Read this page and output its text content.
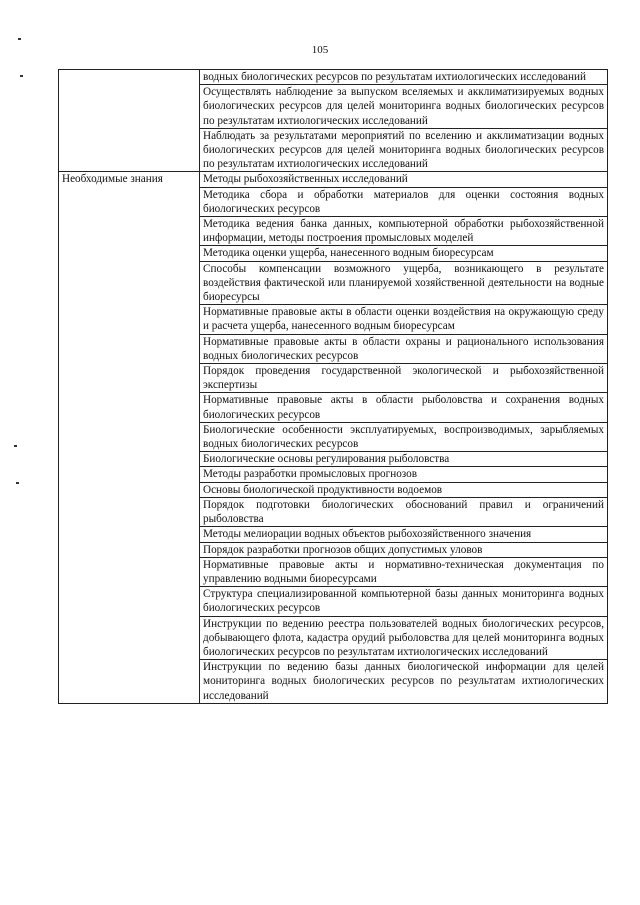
105
	водных биологических ресурсов по результатам ихтиологических исследований
	Осуществлять наблюдение за выпуском вселяемых и акклиматизируемых водных биологических ресурсов для целей мониторинга водных биологических ресурсов по результатам ихтиологических исследований
	Наблюдать за результатами мероприятий по вселению и акклиматизации водных биологических ресурсов для целей мониторинга водных биологических ресурсов по результатам ихтиологических исследований
Необходимые знания	Методы рыбохозяйственных исследований
	Методика сбора и обработки материалов для оценки состояния водных биологических ресурсов
	Методика ведения банка данных, компьютерной обработки рыбохозяйственной информации, методы построения промысловых моделей
	Методика оценки ущерба, нанесенного водным биоресурсам
	Способы компенсации возможного ущерба, возникающего в результате воздействия фактической или планируемой хозяйственной деятельности на водные биоресурсы
	Нормативные правовые акты в области оценки воздействия на окружающую среду и расчета ущерба, нанесенного водным биоресурсам
	Нормативные правовые акты в области охраны и рационального использования водных биологических ресурсов
	Порядок проведения государственной экологической и рыбохозяйственной экспертизы
	Нормативные правовые акты в области рыболовства и сохранения водных биологических ресурсов
	Биологические особенности эксплуатируемых, воспроизводимых, зарыбляемых водных биологических ресурсов
	Биологические основы регулирования рыболовства
	Методы разработки промысловых прогнозов
	Основы биологической продуктивности водоемов
	Порядок подготовки биологических обоснований правил и ограничений рыболовства
	Методы мелиорации водных объектов рыбохозяйственного значения
	Порядок разработки прогнозов общих допустимых уловов
	Нормативные правовые акты и нормативно-техническая документация по управлению водными биоресурсами
	Структура специализированной компьютерной базы данных мониторинга водных биологических ресурсов
	Инструкции по ведению реестра пользователей водных биологических ресурсов, добывающего флота, кадастра орудий рыболовства для целей мониторинга водных биологических ресурсов по результатам ихтиологических исследований
	Инструкции по ведению базы данных биологической информации для целей мониторинга водных биологических ресурсов по результатам ихтиологических исследований
